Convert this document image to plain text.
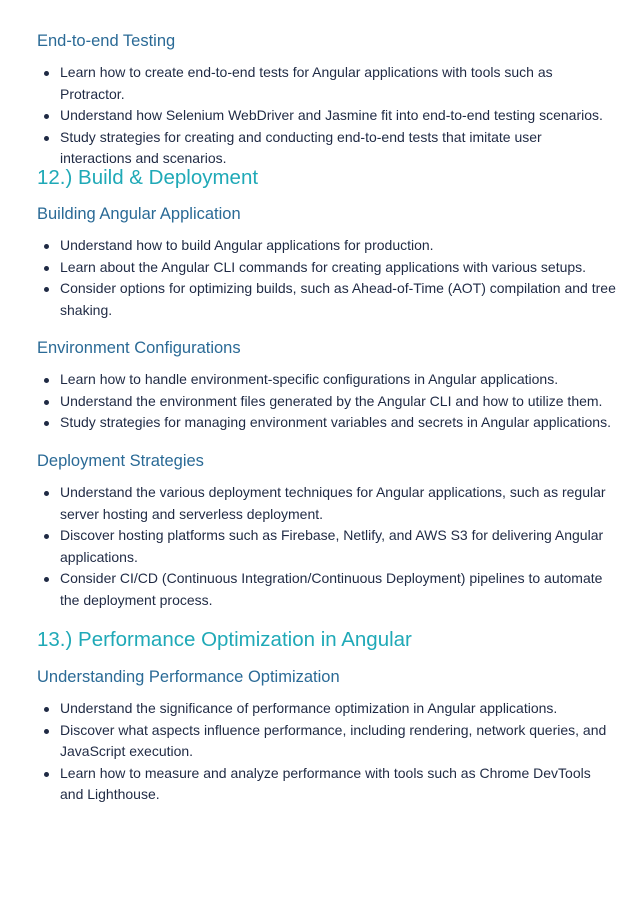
End-to-end Testing
Learn how to create end-to-end tests for Angular applications with tools such as Protractor.
Understand how Selenium WebDriver and Jasmine fit into end-to-end testing scenarios.
Study strategies for creating and conducting end-to-end tests that imitate user interactions and scenarios.
12.) Build & Deployment
Building Angular Application
Understand how to build Angular applications for production.
Learn about the Angular CLI commands for creating applications with various setups.
Consider options for optimizing builds, such as Ahead-of-Time (AOT) compilation and tree shaking.
Environment Configurations
Learn how to handle environment-specific configurations in Angular applications.
Understand the environment files generated by the Angular CLI and how to utilize them.
Study strategies for managing environment variables and secrets in Angular applications.
Deployment Strategies
Understand the various deployment techniques for Angular applications, such as regular server hosting and serverless deployment.
Discover hosting platforms such as Firebase, Netlify, and AWS S3 for delivering Angular applications.
Consider CI/CD (Continuous Integration/Continuous Deployment) pipelines to automate the deployment process.
13.) Performance Optimization in Angular
Understanding Performance Optimization
Understand the significance of performance optimization in Angular applications.
Discover what aspects influence performance, including rendering, network queries, and JavaScript execution.
Learn how to measure and analyze performance with tools such as Chrome DevTools and Lighthouse.
